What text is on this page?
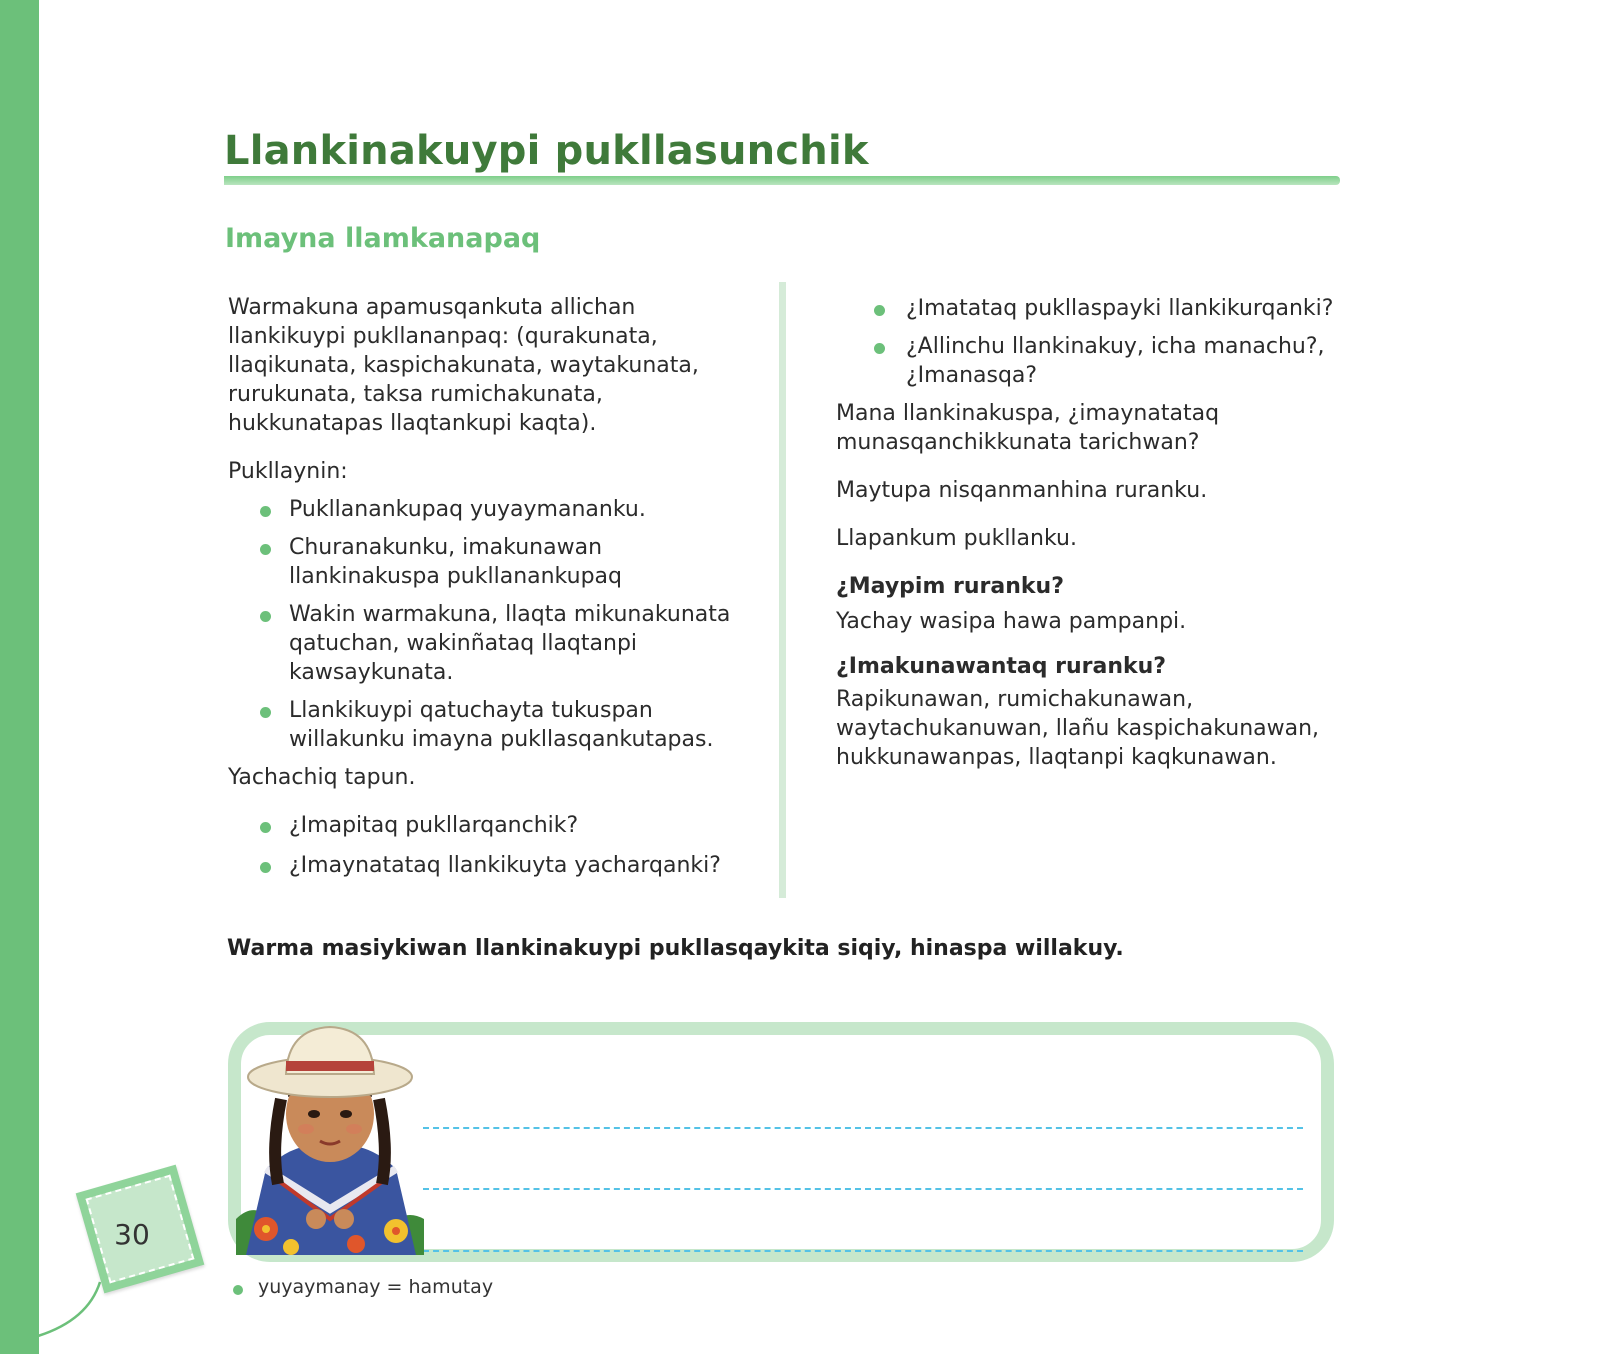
Llankinakuypi pukllasunchik
Imayna llamkanapaq

Warmakuna apamusqankuta allichan llankikuypi pukllananpaq: (qurakunata, llaqikunata, kaspichakunata, waytakunata, rurukunata, taksa rumichakunata, hukkunatapas llaqtankupi kaqta).

Pukllaynin:

Pukllanankupaq yuyaymananku.
Churanakunku, imakunawan llankinakuspa pukllanankupaq
Wakin warmakuna, llaqta mikunakunata qatuchan, wakinñataq llaqtanpi kawsaykunata.
Llankikuypi qatuchayta tukuspan willakunku imayna pukllasqankutapas.

Yachachiq tapun.

¿Imapitaq pukllarqanchik?
¿Imaynatataq llankikuyta yacharqanki?
¿Imatataq pukllaspayki llankikurqanki?
¿Allinchu llankinakuy, icha manachu?, ¿Imanasqa?

Mana llankinakuspa, ¿imaynatataq munasqanchikkunata tarichwan?

Maytupa nisqanmanhina ruranku.

Llapankum pukllanku.

¿Maypim ruranku?

Yachay wasipa hawa pampanpi.

¿Imakunawantaq ruranku?

Rapikunawan, rumichakunawan, waytachukanuwan, llañu kaspichakunawan, hukkunawanpas, llaqtanpi kaqkunawan.

Warma masiykiwan llankinakuypi pukllasqaykita siqiy, hinaspa willakuy.
30
yuyaymanay = hamutay
